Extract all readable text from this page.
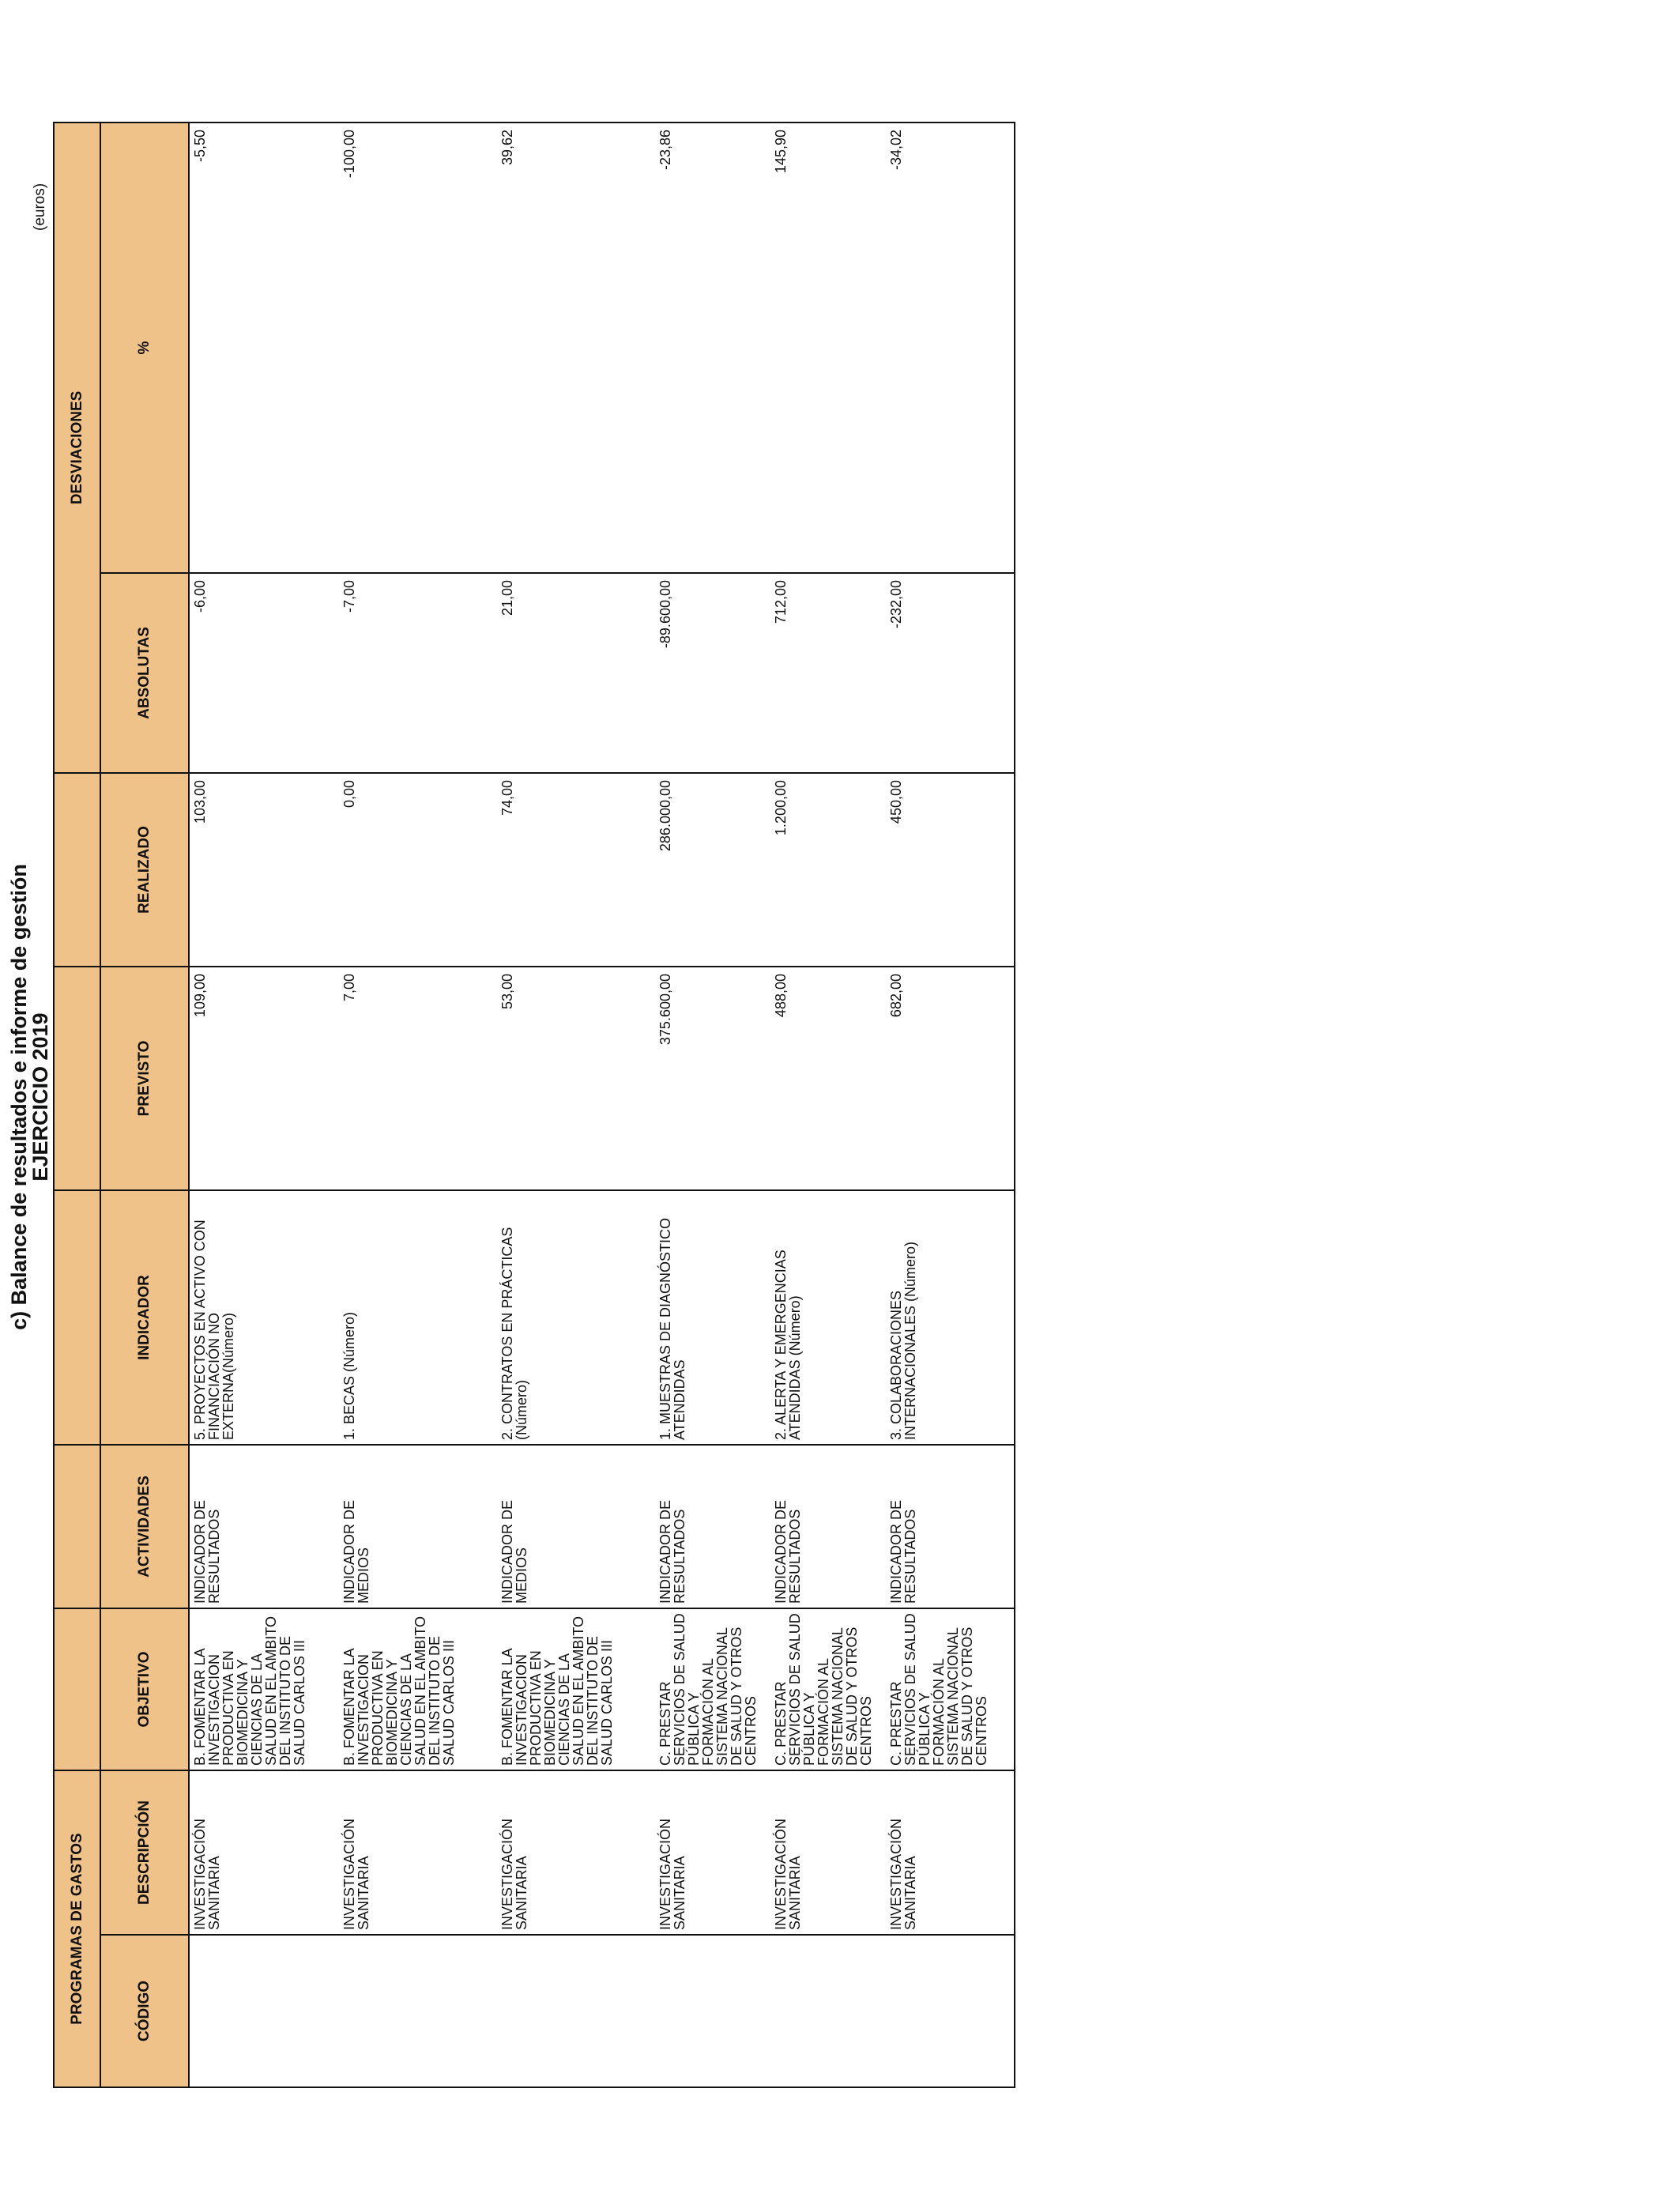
c) Balance de resultados e informe de gestión

EJERCICIO 2019

(euros)
PROGRAMAS DE GASTOS							DESVIACIONES	
CÓDIGO	DESCRIPCIÓN	OBJETIVO	ACTIVIDADES	INDICADOR	PREVISTO	REALIZADO	ABSOLUTAS	%
	INVESTIGACIÓN SANITARIA	B. FOMENTAR LA INVESTIGACION PRODUCTIVA EN BIOMEDICINA Y CIENCIAS DE LA SALUD EN EL AMBITO DEL INSTITUTO DE SALUD CARLOS III	INDICADOR DE RESULTADOS	5. PROYECTOS EN ACTIVO CON FINANCIACIÓN NO EXTERNA(Número)	109,00	103,00	-6,00	-5,50
	INVESTIGACIÓN SANITARIA	B. FOMENTAR LA INVESTIGACION PRODUCTIVA EN BIOMEDICINA Y CIENCIAS DE LA SALUD EN EL AMBITO DEL INSTITUTO DE SALUD CARLOS III	INDICADOR DE MEDIOS	1. BECAS (Número)	7,00	0,00	-7,00	-100,00
	INVESTIGACIÓN SANITARIA	B. FOMENTAR LA INVESTIGACION PRODUCTIVA EN BIOMEDICINA Y CIENCIAS DE LA SALUD EN EL AMBITO DEL INSTITUTO DE SALUD CARLOS III	INDICADOR DE MEDIOS	2. CONTRATOS EN PRÁCTICAS (Número)	53,00	74,00	21,00	39,62
	INVESTIGACIÓN SANITARIA	C. PRESTAR SERVICIOS DE SALUD PÚBLICA Y FORMACIÓN AL SISTEMA NACIONAL DE SALUD Y OTROS CENTROS	INDICADOR DE RESULTADOS	1. MUESTRAS DE DIAGNÓSTICO ATENDIDAS	375.600,00	286.000,00	-89.600,00	-23,86
	INVESTIGACIÓN SANITARIA	C. PRESTAR SERVICIOS DE SALUD PÚBLICA Y FORMACIÓN AL SISTEMA NACIONAL DE SALUD Y OTROS CENTROS	INDICADOR DE RESULTADOS	2. ALERTA Y EMERGENCIAS ATENDIDAS (Número)	488,00	1.200,00	712,00	145,90
	INVESTIGACIÓN SANITARIA	C. PRESTAR SERVICIOS DE SALUD PÚBLICA Y FORMACIÓN AL SISTEMA NACIONAL DE SALUD Y OTROS CENTROS	INDICADOR DE RESULTADOS	3. COLABORACIONES INTERNACIONALES (Número)	682,00	450,00	-232,00	-34,02
